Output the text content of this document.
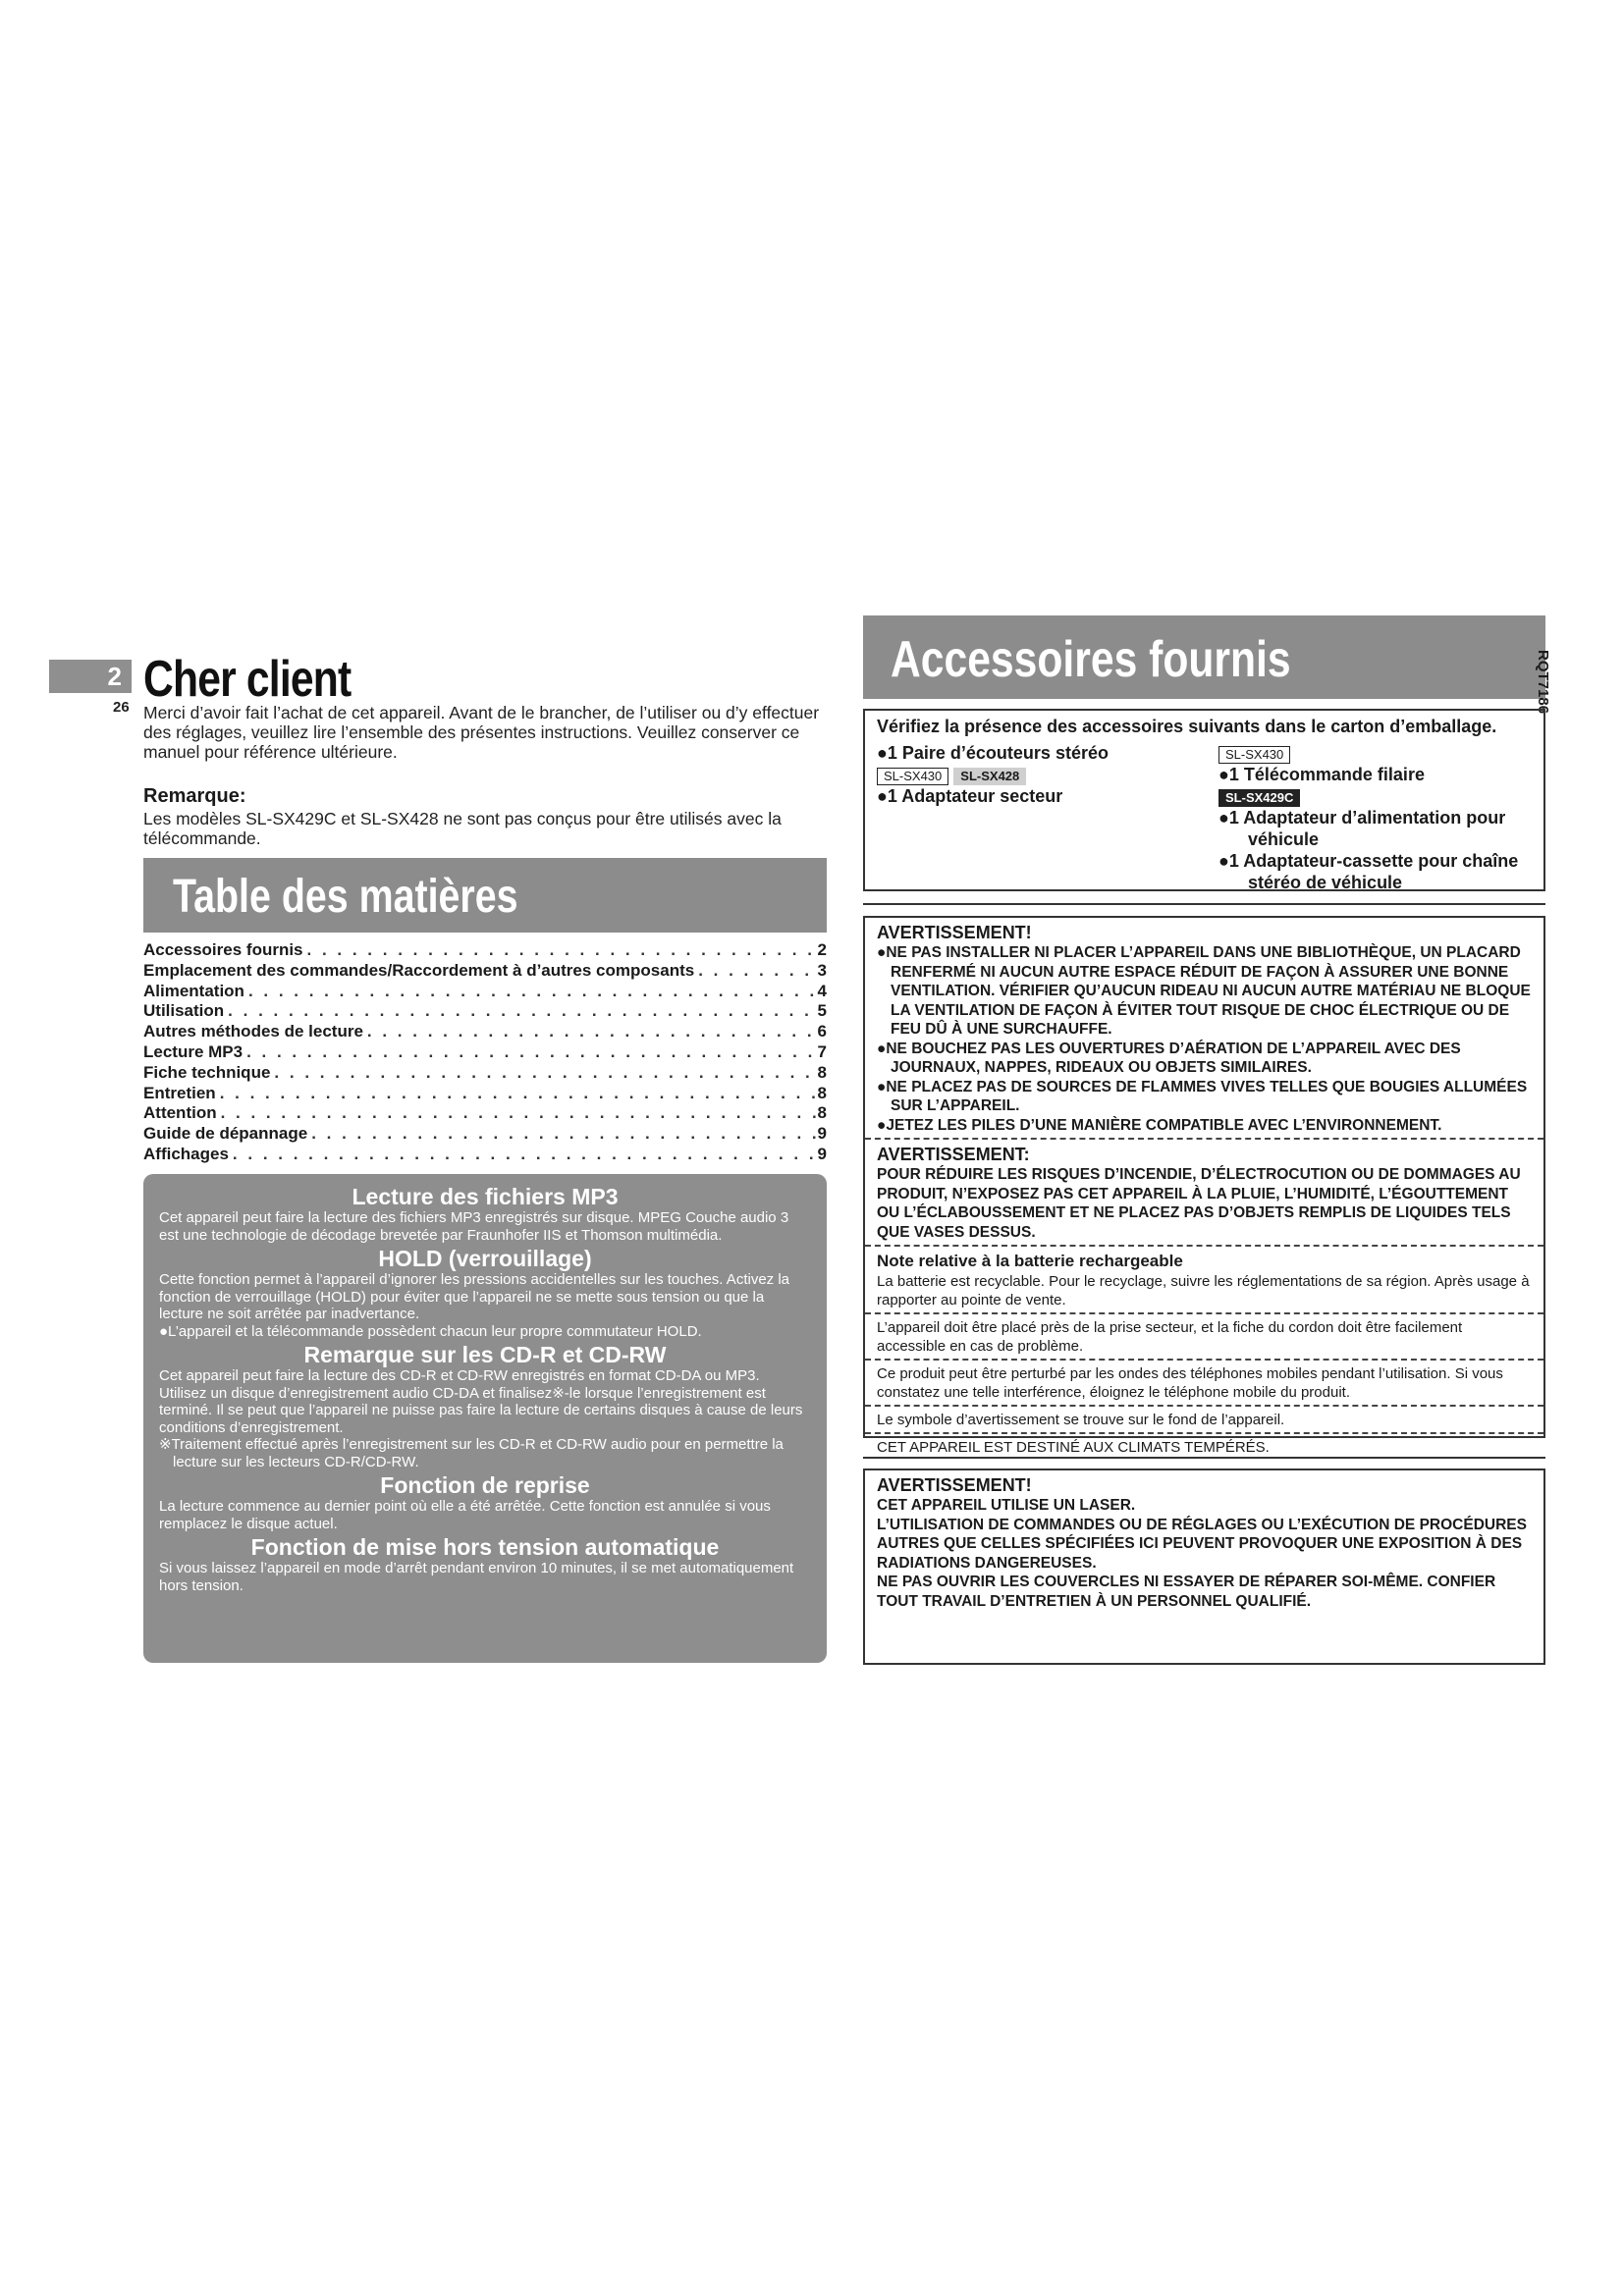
2
26 Cher client
Merci d’avoir fait l’achat de cet appareil. Avant de le brancher, de l’utiliser ou d’y effectuer des réglages, veuillez lire l’ensemble des présentes instructions. Veuillez conserver ce manuel pour référence ultérieure.
Remarque:
Les modèles SL-SX429C et SL-SX428 ne sont pas conçus pour être utilisés avec la télécommande.
Table des matières
Accessoires fournis . . .	2
Emplacement des commandes/Raccordement à d’autres composants . . .	3
Alimentation . . .	4
Utilisation . . .	5
Autres méthodes de lecture . . .	6
Lecture MP3 . . .	7
Fiche technique . . .	8
Entretien . . .	8
Attention . . .	8
Guide de dépannage . . .	9
Affichages . . .	9
Lecture des fichiers MP3
Cet appareil peut faire la lecture des fichiers MP3 enregistrés sur disque. MPEG Couche audio 3 est une technologie de décodage brevetée par Fraunhofer IIS et Thomson multimédia.
HOLD (verrouillage)
Cette fonction permet à l’appareil d’ignorer les pressions accidentelles sur les touches. Activez la fonction de verrouillage (HOLD) pour éviter que l’appareil ne se mette sous tension ou que la lecture ne soit arrêtée par inadvertance.
●L’appareil et la télécommande possèdent chacun leur propre commutateur HOLD.
Remarque sur les CD-R et CD-RW
Cet appareil peut faire la lecture des CD-R et CD-RW enregistrés en format CD-DA ou MP3. Utilisez un disque d’enregistrement audio CD-DA et finalisez※-le lorsque l’enregistrement est terminé. Il se peut que l’appareil ne puisse pas faire la lecture de certains disques à cause de leurs conditions d’enregistrement.
※Traitement effectué après l’enregistrement sur les CD-R et CD-RW audio pour en permettre la lecture sur les lecteurs CD-R/CD-RW.
Fonction de reprise
La lecture commence au dernier point où elle a été arrêtée. Cette fonction est annulée si vous remplacez le disque actuel.
Fonction de mise hors tension automatique
Si vous laissez l’appareil en mode d’arrêt pendant environ 10 minutes, il se met automatiquement hors tension.
Accessoires fournis	RQT7186
Vérifiez la présence des accessoires suivants dans le carton d’emballage.
●1 Paire d’écouteurs stéréo
SL-SX430 SL-SX428
●1 Adaptateur secteur
SL-SX430
●1 Télécommande filaire
SL-SX429C
●1 Adaptateur d’alimentation pour
véhicule
●1 Adaptateur-cassette pour chaîne
stéréo de véhicule
AVERTISSEMENT!
●NE PAS INSTALLER NI PLACER L’APPAREIL DANS UNE BIBLIOTHÈQUE, UN PLACARD RENFERMÉ NI AUCUN AUTRE ESPACE RÉDUIT DE FAÇON À ASSURER UNE BONNE VENTILATION. VÉRIFIER QU’AUCUN RIDEAU NI AUCUN AUTRE MATÉRIAU NE BLOQUE LA VENTILATION DE FAÇON À ÉVITER TOUT RISQUE DE CHOC ÉLECTRIQUE OU DE FEU DÛ À UNE SURCHAUFFE.
●NE BOUCHEZ PAS LES OUVERTURES D’AÉRATION DE L’APPAREIL AVEC DES JOURNAUX, NAPPES, RIDEAUX OU OBJETS SIMILAIRES.
●NE PLACEZ PAS DE SOURCES DE FLAMMES VIVES TELLES QUE BOUGIES ALLUMÉES SUR L’APPAREIL.
●JETEZ LES PILES D’UNE MANIÈRE COMPATIBLE AVEC L’ENVIRONNEMENT.
AVERTISSEMENT:
POUR RÉDUIRE LES RISQUES D’INCENDIE, D’ÉLECTROCUTION OU DE DOMMAGES AU PRODUIT, N’EXPOSEZ PAS CET APPAREIL À LA PLUIE, L’HUMIDITÉ, L’ÉGOUTTEMENT OU L’ÉCLABOUSSEMENT ET NE PLACEZ PAS D’OBJETS REMPLIS DE LIQUIDES TELS QUE VASES DESSUS.
Note relative à la batterie rechargeable
La batterie est recyclable. Pour le recyclage, suivre les réglementations de sa région. Après usage à rapporter au pointe de vente.
L’appareil doit être placé près de la prise secteur, et la fiche du cordon doit être facilement accessible en cas de problème.
Ce produit peut être perturbé par les ondes des téléphones mobiles pendant l’utilisation. Si vous constatez une telle interférence, éloignez le téléphone mobile du produit.
Le symbole d’avertissement se trouve sur le fond de l’appareil.
CET APPAREIL EST DESTINÉ AUX CLIMATS TEMPÉRÉS.
AVERTISSEMENT!
CET APPAREIL UTILISE UN LASER.
L’UTILISATION DE COMMANDES OU DE RÉGLAGES OU L’EXÉCUTION DE PROCÉDURES AUTRES QUE CELLES SPÉCIFIÉES ICI PEUVENT PROVOQUER UNE EXPOSITION À DES RADIATIONS DANGEREUSES.
NE PAS OUVRIR LES COUVERCLES NI ESSAYER DE RÉPARER SOI-MÊME. CONFIER TOUT TRAVAIL D’ENTRETIEN À UN PERSONNEL QUALIFIÉ.
